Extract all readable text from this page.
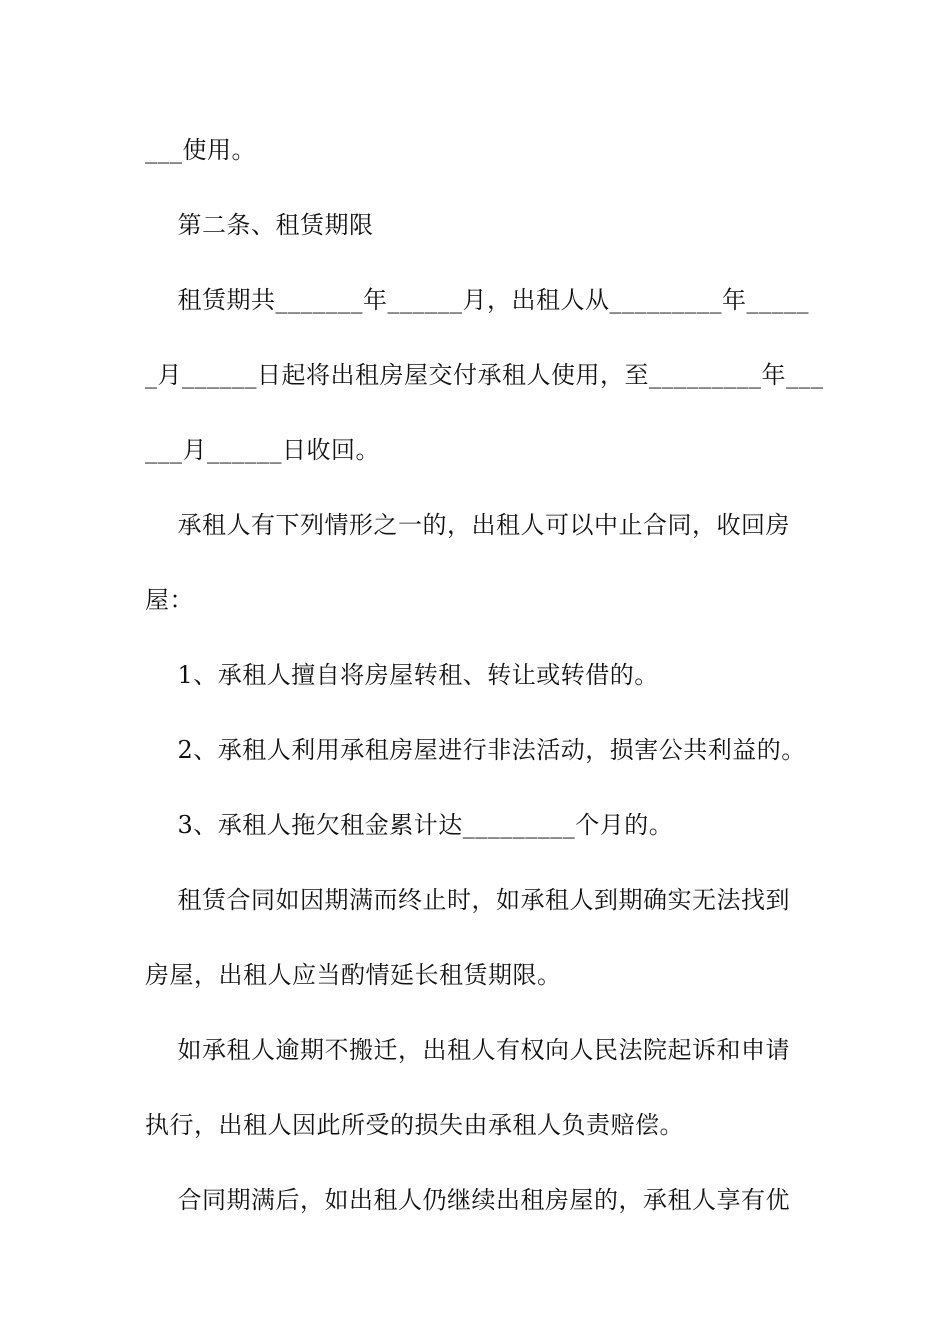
___使用。
第二条、租赁期限
租赁期共_______年______月，出租人从_________年_____
_月______日起将出租房屋交付承租人使用，至_________年___
___月______日收回。
承租人有下列情形之一的，出租人可以中止合同，收回房
屋：
1、承租人擅自将房屋转租、转让或转借的。
2、承租人利用承租房屋进行非法活动，损害公共利益的。
3、承租人拖欠租金累计达_________个月的。
租赁合同如因期满而终止时，如承租人到期确实无法找到
房屋，出租人应当酌情延长租赁期限。
如承租人逾期不搬迁，出租人有权向人民法院起诉和申请
执行，出租人因此所受的损失由承租人负责赔偿。
合同期满后，如出租人仍继续出租房屋的，承租人享有优
